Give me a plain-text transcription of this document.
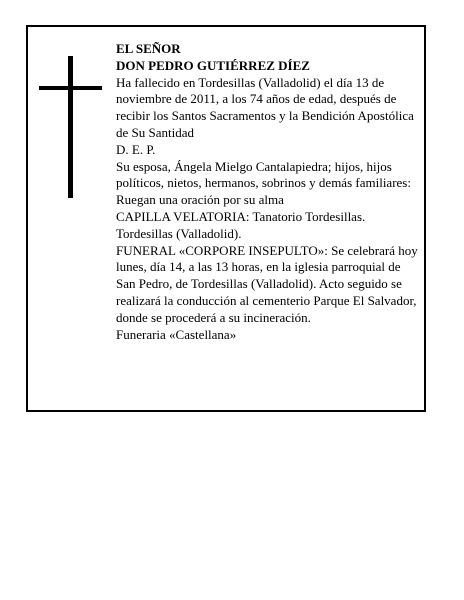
EL SEÑOR

DON PEDRO GUTIÉRREZ DÍEZ

Ha fallecido en Tordesillas (Valladolid) el día 13 de noviembre de 2011, a los 74 años de edad, después de recibir los Santos Sacramentos y la Bendición Apostólica de Su Santidad

D. E. P.

Su esposa, Ángela Mielgo Cantalapiedra; hijos, hijos políticos, nietos, hermanos, sobrinos y demás familiares:

Ruegan una oración por su alma

CAPILLA VELATORIA: Tanatorio Tordesillas.

Tordesillas (Valladolid).

FUNERAL «CORPORE INSEPULTO»: Se celebrará hoy lunes, día 14, a las 13 horas, en la iglesia parroquial de San Pedro, de Tordesillas (Valladolid). Acto seguido se realizará la conducción al cementerio Parque El Salvador, donde se procederá a su incineración.

Funeraria «Castellana»
